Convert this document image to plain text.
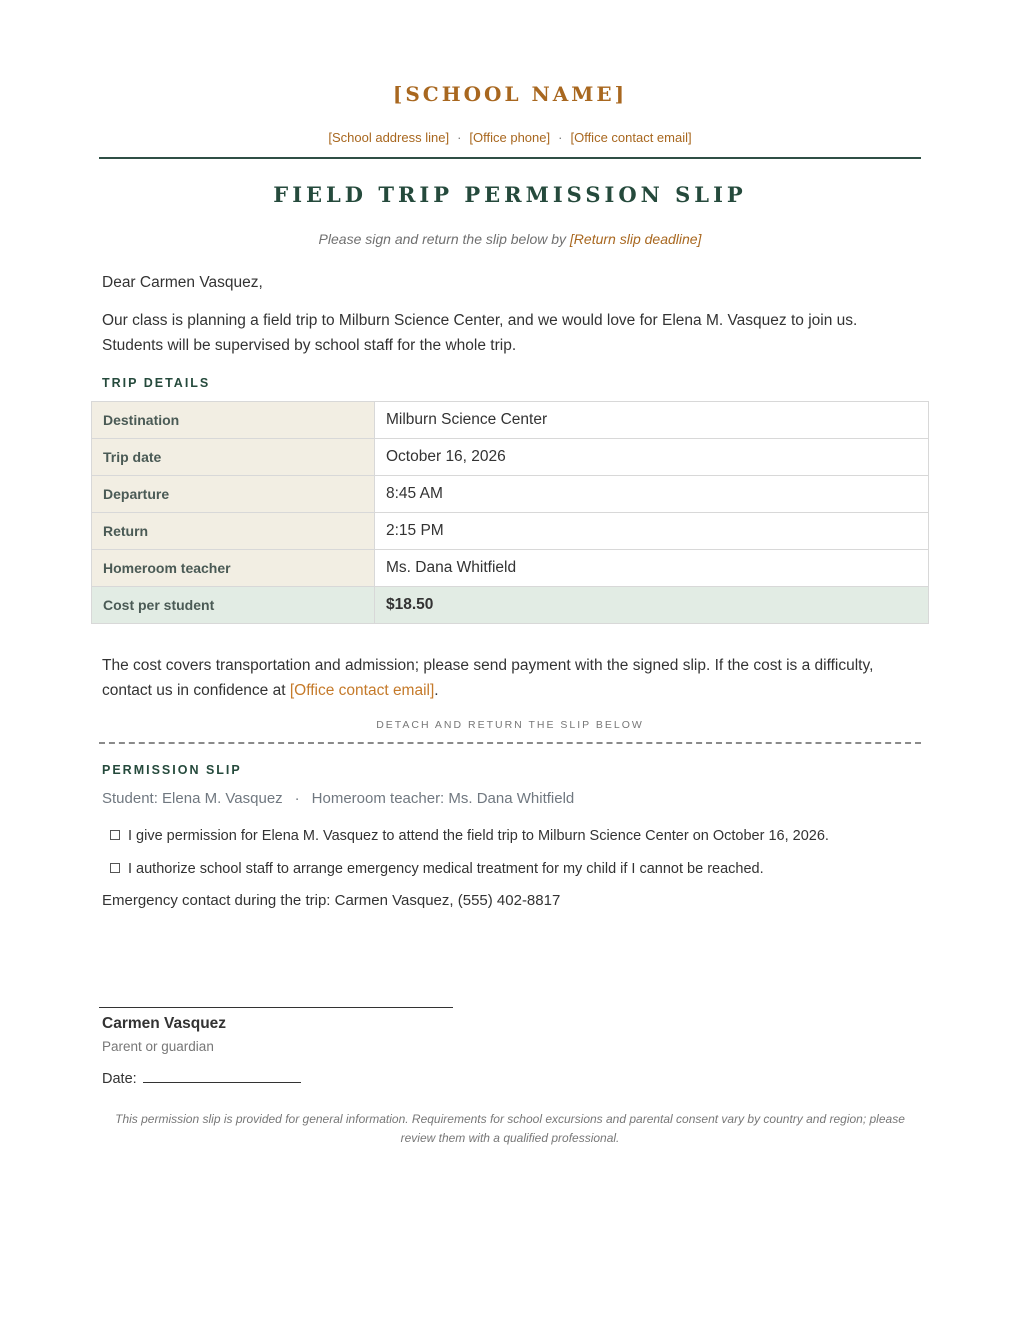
[SCHOOL NAME]
[School address line] · [Office phone] · [Office contact email]
FIELD TRIP PERMISSION SLIP
Please sign and return the slip below by [Return slip deadline]
Dear Carmen Vasquez,
Our class is planning a field trip to Milburn Science Center, and we would love for Elena M. Vasquez to join us. Students will be supervised by school staff for the whole trip.
TRIP DETAILS
Destination	Milburn Science Center
Trip date	October 16, 2026
Departure	8:45 AM
Return	2:15 PM
Homeroom teacher	Ms. Dana Whitfield
Cost per student	$18.50
The cost covers transportation and admission; please send payment with the signed slip. If the cost is a difficulty, contact us in confidence at [Office contact email].
DETACH AND RETURN THE SLIP BELOW
PERMISSION SLIP
Student: Elena M. Vasquez · Homeroom teacher: Ms. Dana Whitfield
I give permission for Elena M. Vasquez to attend the field trip to Milburn Science Center on October 16, 2026.
I authorize school staff to arrange emergency medical treatment for my child if I cannot be reached.
Emergency contact during the trip: Carmen Vasquez, (555) 402-8817
Carmen Vasquez
Parent or guardian
Date:
This permission slip is provided for general information. Requirements for school excursions and parental consent vary by country and region; please review them with a qualified professional.
